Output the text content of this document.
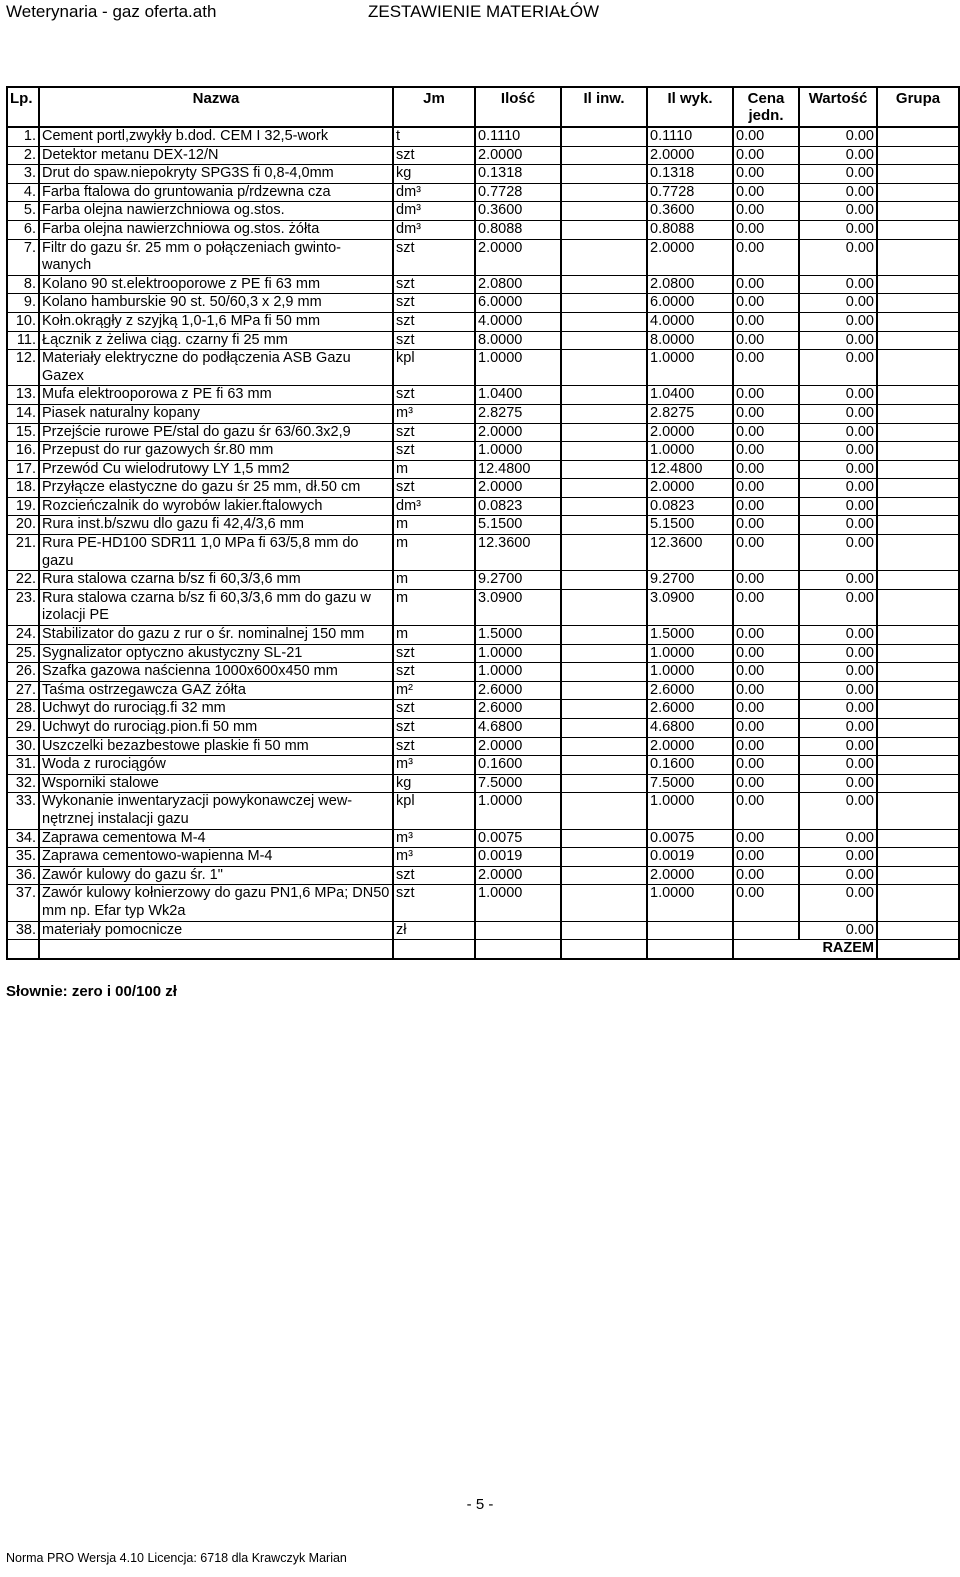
Weterynaria - gaz oferta.ath	ZESTAWIENIE MATERIAŁÓW
Lp.	Nazwa	Jm	Ilość	Il inw.	Il wyk.	Cena jedn.	Wartość	Grupa
1.	Cement portl,zwykły b.dod. CEM I 32,5-work	t	0.1110		0.1110	0.00	0.00	
2.	Detektor metanu DEX-12/N	szt	2.0000		2.0000	0.00	0.00	
3.	Drut do spaw.niepokryty SPG3S fi 0,8-4,0mm	kg	0.1318		0.1318	0.00	0.00	
4.	Farba ftalowa do gruntowania p/rdzewna cza	dm³	0.7728		0.7728	0.00	0.00	
5.	Farba olejna nawierzchniowa og.stos.	dm³	0.3600		0.3600	0.00	0.00	
6.	Farba olejna nawierzchniowa og.stos. żółta	dm³	0.8088		0.8088	0.00	0.00	
7.	Filtr do gazu śr. 25 mm o połączeniach gwinto- wanych	szt	2.0000		2.0000	0.00	0.00	
8.	Kolano 90 st.elektrooporowe z PE fi 63 mm	szt	2.0800		2.0800	0.00	0.00	
9.	Kolano hamburskie 90 st. 50/60,3 x 2,9 mm	szt	6.0000		6.0000	0.00	0.00	
10.	Kołn.okrągły z szyjką 1,0-1,6 MPa fi 50 mm	szt	4.0000		4.0000	0.00	0.00	
11.	Łącznik z żeliwa ciąg. czarny fi 25 mm	szt	8.0000		8.0000	0.00	0.00	
12.	Materiały elektryczne do podłączenia ASB Gazu Gazex	kpl	1.0000		1.0000	0.00	0.00	
13.	Mufa elektrooporowa z PE fi 63 mm	szt	1.0400		1.0400	0.00	0.00	
14.	Piasek naturalny kopany	m³	2.8275		2.8275	0.00	0.00	
15.	Przejście rurowe PE/stal do gazu śr 63/60.3x2,9	szt	2.0000		2.0000	0.00	0.00	
16.	Przepust do rur gazowych śr.80 mm	szt	1.0000		1.0000	0.00	0.00	
17.	Przewód Cu wielodrutowy LY 1,5 mm2	m	12.4800		12.4800	0.00	0.00	
18.	Przyłącze elastyczne do gazu śr 25 mm, dł.50 cm	szt	2.0000		2.0000	0.00	0.00	
19.	Rozcieńczalnik do wyrobów lakier.ftalowych	dm³	0.0823		0.0823	0.00	0.00	
20.	Rura inst.b/szwu dlo gazu fi 42,4/3,6 mm	m	5.1500		5.1500	0.00	0.00	
21.	Rura PE-HD100 SDR11 1,0 MPa fi 63/5,8 mm do gazu	m	12.3600		12.3600	0.00	0.00	
22.	Rura stalowa czarna b/sz fi 60,3/3,6 mm	m	9.2700		9.2700	0.00	0.00	
23.	Rura stalowa czarna b/sz fi 60,3/3,6 mm do gazu w izolacji PE	m	3.0900		3.0900	0.00	0.00	
24.	Stabilizator do gazu z rur o śr. nominalnej 150 mm	m	1.5000		1.5000	0.00	0.00	
25.	Sygnalizator optyczno akustyczny SL-21	szt	1.0000		1.0000	0.00	0.00	
26.	Szafka gazowa naścienna 1000x600x450 mm	szt	1.0000		1.0000	0.00	0.00	
27.	Taśma ostrzegawcza GAZ żółta	m²	2.6000		2.6000	0.00	0.00	
28.	Uchwyt do rurociąg.fi 32 mm	szt	2.6000		2.6000	0.00	0.00	
29.	Uchwyt do rurociąg.pion.fi 50 mm	szt	4.6800		4.6800	0.00	0.00	
30.	Uszczelki bezazbestowe plaskie fi 50 mm	szt	2.0000		2.0000	0.00	0.00	
31.	Woda z rurociągów	m³	0.1600		0.1600	0.00	0.00	
32.	Wsporniki stalowe	kg	7.5000		7.5000	0.00	0.00	
33.	Wykonanie inwentaryzacji powykonawczej wew- nętrznej instalacji gazu	kpl	1.0000		1.0000	0.00	0.00	
34.	Zaprawa cementowa M-4	m³	0.0075		0.0075	0.00	0.00	
35.	Zaprawa cementowo-wapienna M-4	m³	0.0019		0.0019	0.00	0.00	
36.	Zawór kulowy do gazu śr. 1"	szt	2.0000		2.0000	0.00	0.00	
37.	Zawór kulowy kołnierzowy do gazu PN1,6 MPa; DN50 mm np. Efar typ Wk2a	szt	1.0000		1.0000	0.00	0.00	
38.	materiały pomocnicze	zł					0.00	
						RAZEM		
Słownie: zero i 00/100 zł
- 5 -
Norma PRO Wersja 4.10 Licencja: 6718 dla Krawczyk Marian
